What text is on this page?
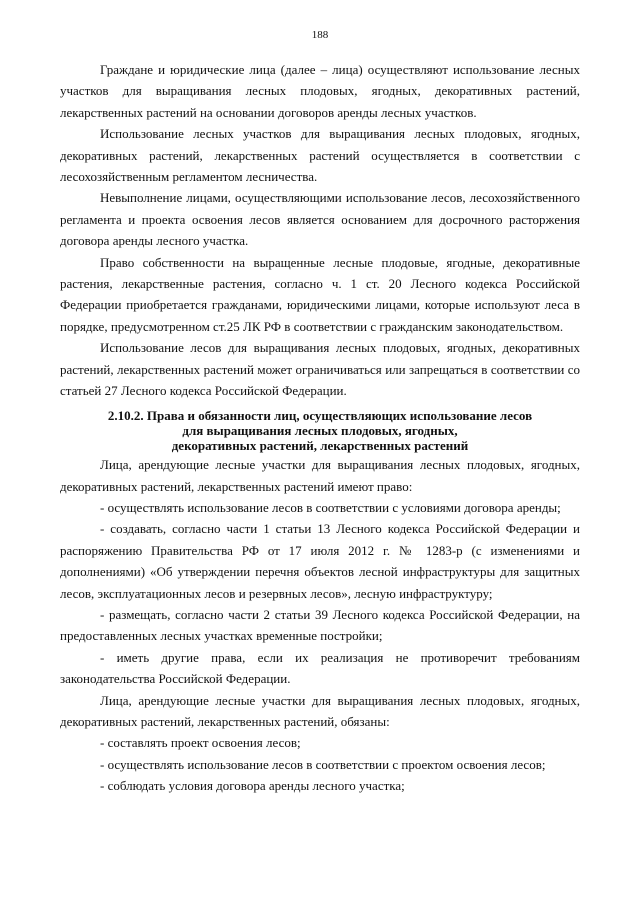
188

Граждане и юридические лица (далее – лица) осуществляют использование лесных участков для выращивания лесных плодовых, ягодных, декоративных растений, лекарственных растений на основании договоров аренды лесных участков.

Использование лесных участков для выращивания лесных плодовых, ягодных, декоративных растений, лекарственных растений осуществляется в соответствии с лесохозяйственным регламентом лесничества.

Невыполнение лицами, осуществляющими использование лесов, лесохозяйственного регламента и проекта освоения лесов является основанием для досрочного расторжения договора аренды лесного участка.

Право собственности на выращенные лесные плодовые, ягодные, декоративные растения, лекарственные растения, согласно ч. 1 ст. 20 Лесного кодекса Российской Федерации приобретается гражданами, юридическими лицами, которые используют леса в порядке, предусмотренном ст.25 ЛК РФ в соответствии с гражданским законодательством.

Использование лесов для выращивания лесных плодовых, ягодных, декоративных растений, лекарственных растений может ограничиваться или запрещаться в соответствии со статьей 27 Лесного кодекса Российской Федерации.

2.10.2. Права и обязанности лиц, осуществляющих использование лесов
для выращивания лесных плодовых, ягодных,
декоративных растений, лекарственных растений

Лица, арендующие лесные участки для выращивания лесных плодовых, ягодных, декоративных растений, лекарственных растений имеют право:

- осуществлять использование лесов в соответствии с условиями договора аренды;

- создавать, согласно части 1 статьи 13 Лесного кодекса Российской Федерации и распоряжению Правительства РФ от 17 июля 2012 г. № 1283-р (с изменениями и дополнениями) «Об утверждении перечня объектов лесной инфраструктуры для защитных лесов, эксплуатационных лесов и резервных лесов», лесную инфраструктуру;

- размещать, согласно части 2 статьи 39 Лесного кодекса Российской Федерации, на предоставленных лесных участках временные постройки;

- иметь другие права, если их реализация не противоречит требованиям законодательства Российской Федерации.

Лица, арендующие лесные участки для выращивания лесных плодовых, ягодных, декоративных растений, лекарственных растений, обязаны:

- составлять проект освоения лесов;

- осуществлять использование лесов в соответствии с проектом освоения лесов;

- соблюдать условия договора аренды лесного участка;
